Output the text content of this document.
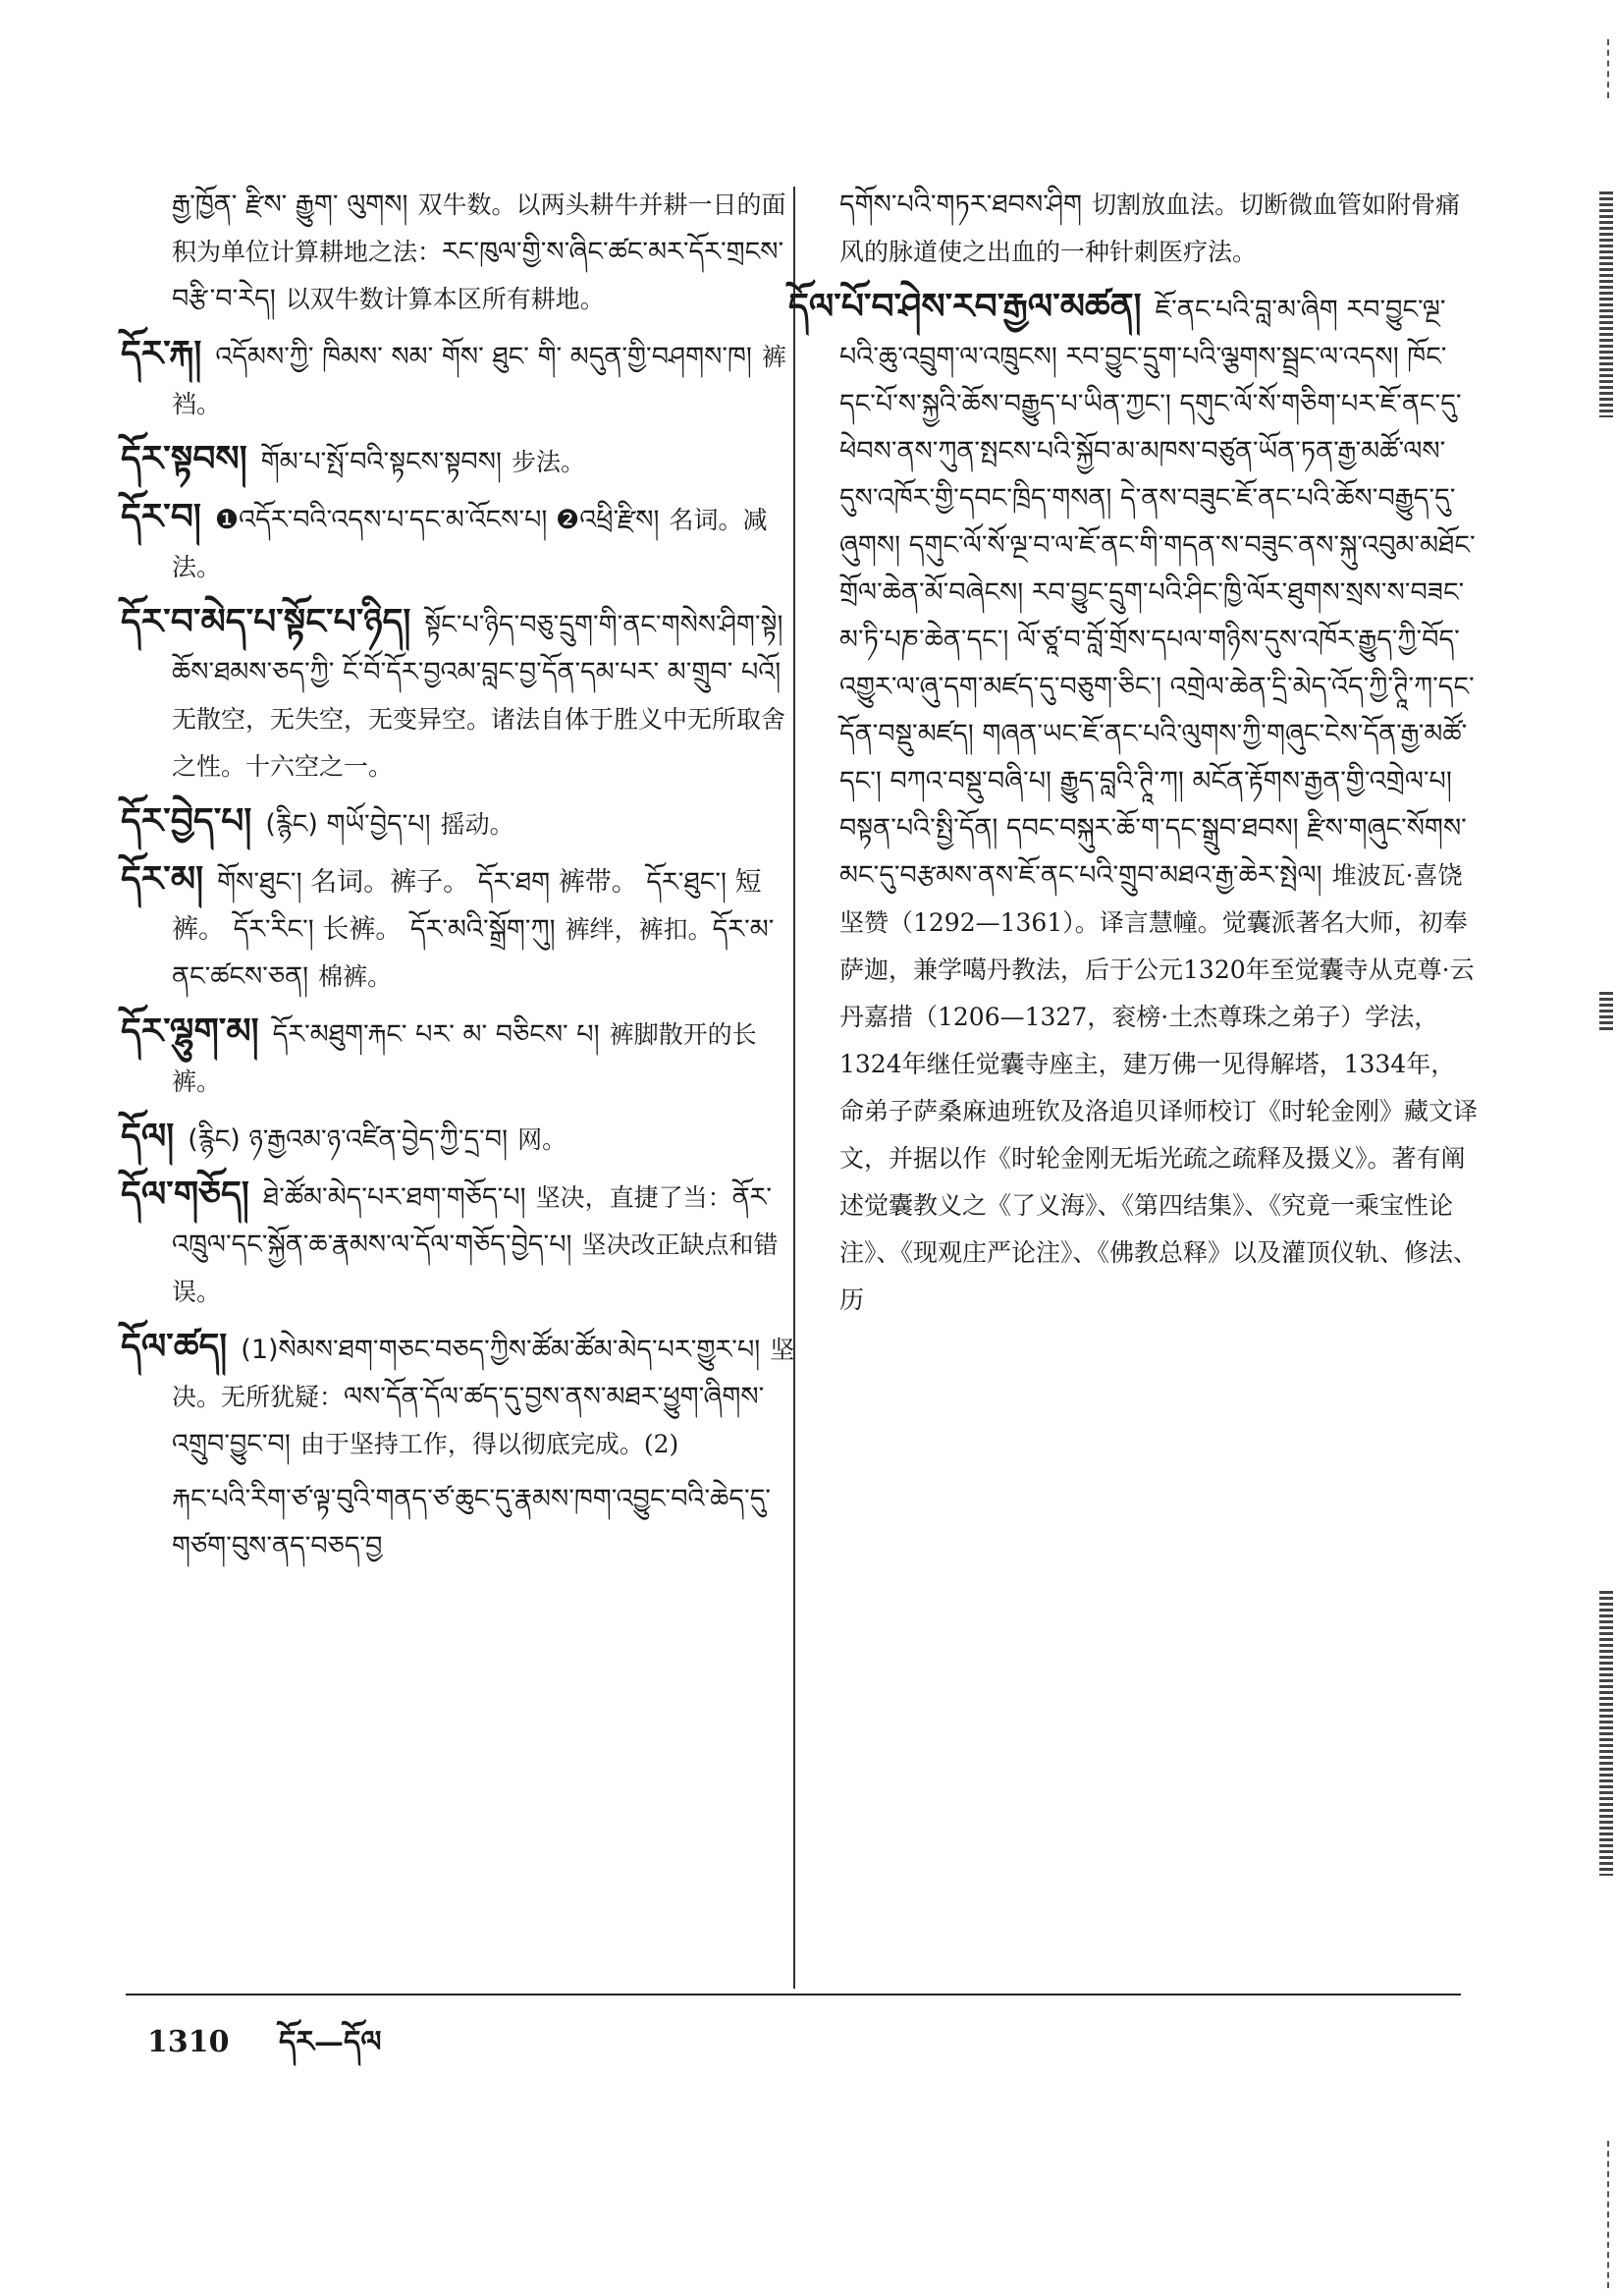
རྒྱ་ཁྱོན་ རྫིས་ རྒྱུག་ ལུགས། 双牛数。以两头耕牛并耕一日的面积为单位计算耕地之法：རང་ཁུལ་གྱི་ས་ཞིང་ཚང་མར་དོར་གྲངས་བརྩི་བ་རེད། 以双牛数计算本区所有耕地。
དོར་རྐ། འདོམས་ཀྱི་ ཁིམས་ སམ་ གོས་ ཐུང་ གི་ མདུན་གྱི་བཤགས་ཁ། 裤裆。
དོར་སྟབས། གོམ་པ་སྤོ་བའི་སྟངས་སྟབས། 步法。
དོར་བ། ❶འདོར་བའི་འདས་པ་དང་མ་འོངས་པ། ❷འཕྲི་རྫིས། 名词。减法。
དོར་བ་མེད་པ་སྟོང་པ་ཉིད། སྟོང་པ་ཉིད་བཅུ་དྲུག་གི་ནང་གསེས་ཤིག་སྟེ། ཆོས་ཐམས་ཅད་ཀྱི་ ངོ་བོ་དོར་བྱའམ་བླང་བྱ་དོན་དམ་པར་ མ་གྲུབ་ པའོ།无散空，无失空，无变异空。诸法自体于胜义中无所取舍之性。十六空之一。
དོར་བྱེད་པ། (རྙིང) གཡོ་བྱེད་པ། 摇动。
དོར་མ། གོས་ཐུང་། 名词。裤子。 དོར་ཐག 裤带。 དོར་ཐུང་། 短裤。 དོར་རིང་། 长裤。 དོར་མའི་སྒྲོག་ཀུ། 裤绊，裤扣。དོར་མ་ནང་ཚངས་ཅན། 棉裤。
དོར་ལྷུག་མ། དོར་མཐུག་རྐང་ པར་ མ་ བཅིངས་ པ། 裤脚散开的长裤。
དོལ། (རྙིང) ཉ་རྒྱའམ་ཉ་འཛིན་བྱེད་ཀྱི་དྲ་བ། 网。
དོལ་གཅོད། ཐེ་ཚོམ་མེད་པར་ཐག་གཅོད་པ། 坚决，直捷了当：ནོར་འཁྲུལ་དང་སྐྱོན་ཆ་རྣམས་ལ་དོལ་གཅོད་བྱེད་པ། 坚决改正缺点和错误。
དོལ་ཚད། (1)སེམས་ཐག་གཅང་བཅད་ཀྱིས་ཚོམ་ཚོམ་མེད་པར་གྱུར་པ། 坚决。无所犹疑：ལས་དོན་དོལ་ཚད་དུ་བྱས་ནས་མཐར་ཕྱུག་ཞིགས་འགྲུབ་བྱུང་བ། 由于坚持工作，得以彻底完成。(2)
རྐང་པའི་རིག་ཙ་ལྟ་བུའི་གནད་ཙ་ཆུང་དུ་རྣམས་ཁག་འབྱུང་བའི་ཆེད་དུ་གཙག་བུས་ནད་བཅད་བྱ
དགོས་པའི་གཏར་ཐབས་ཤིག 切割放血法。切断微血管如附骨痛风的脉道使之出血的一种针刺医疗法。
དོལ་པོ་བ་ཤེས་རབ་རྒྱལ་མཚན། ཇོ་ནང་པའི་བླ་མ་ཞིག རབ་བྱུང་ལྔ་པའི་ཆུ་འབྲུག་ལ་འཁྲུངས། རབ་བྱུང་དྲུག་པའི་ལྕགས་སྦྲང་ལ་འདས། ཁོང་དང་པོ་ས་སྐྱའི་ཆོས་བརྒྱུད་པ་ཡིན་ཀྱང་། དགུང་ལོ་སོ་གཅིག་པར་ཇོ་ནང་དུ་ཕེབས་ནས་ཀུན་སྤངས་པའི་སྐྱོབ་མ་མཁས་བཙུན་ཡོན་ཏན་རྒྱ་མཚོ་ལས་དུས་འཁོར་གྱི་དབང་ཁྲིད་གསན། དེ་ནས་བཟུང་ཇོ་ནང་པའི་ཆོས་བརྒྱུད་དུ་ཞུགས། དགུང་ལོ་སོ་ལྔ་བ་ལ་ཇོ་ནང་གི་གདན་ས་བཟུང་ནས་སྐུ་འབུམ་མཐོང་གྲོལ་ཆེན་མོ་བཞེངས། རབ་བྱུང་དྲུག་པའི་ཤིང་ཁྱི་ལོར་ཐུགས་སྲས་ས་བཟང་མ་ཏི་པཎ་ཆེན་དང་། ལོ་ཙཱ་བ་བློ་གྲོས་དཔལ་གཉིས་དུས་འཁོར་རྒྱུད་ཀྱི་བོད་འགྱུར་ལ་ཞུ་དག་མཛད་དུ་བཅུག་ཅིང་། འགྲེལ་ཆེན་དྲི་མེད་འོད་ཀྱི་ཊཱི་ཀ་དང་དོན་བསྡུ་མཛད། གཞན་ཡང་ཇོ་ནང་པའི་ལུགས་ཀྱི་གཞུང་ངེས་དོན་རྒྱ་མཚོ་དང་། བཀའ་བསྡུ་བཞི་པ། རྒྱུད་བླའི་ཊཱི་ཀ། མངོན་རྟོགས་རྒྱན་གྱི་འགྲེལ་པ། བསྟན་པའི་སྤྱི་དོན། དབང་བསྐུར་ཆོ་ག་དང་སྒྲུབ་ཐབས། རྫིས་གཞུང་སོགས་མང་དུ་བརྩམས་ནས་ཇོ་ནང་པའི་གྲུབ་མཐའ་རྒྱ་ཆེར་སྤེལ། 堆波瓦·喜饶坚赞（1292—1361）。译言慧幢。觉囊派著名大师，初奉萨迦，兼学噶丹教法，后于公元1320年至觉囊寺从克尊·云丹嘉措（1206—1327，衮榜·土杰尊珠之弟子）学法，1324年继任觉囊寺座主，建万佛一见得解塔，1334年，命弟子萨桑麻迪班钦及洛追贝译师校订《时轮金刚》藏文译文，并据以作《时轮金刚无垢光疏之疏释及摄义》。著有阐述觉囊教义之《了义海》、《第四结集》、《究竟一乘宝性论注》、《现观庄严论注》、《佛教总释》以及灌顶仪轨、修法、历
1310 དོར—དོལ
